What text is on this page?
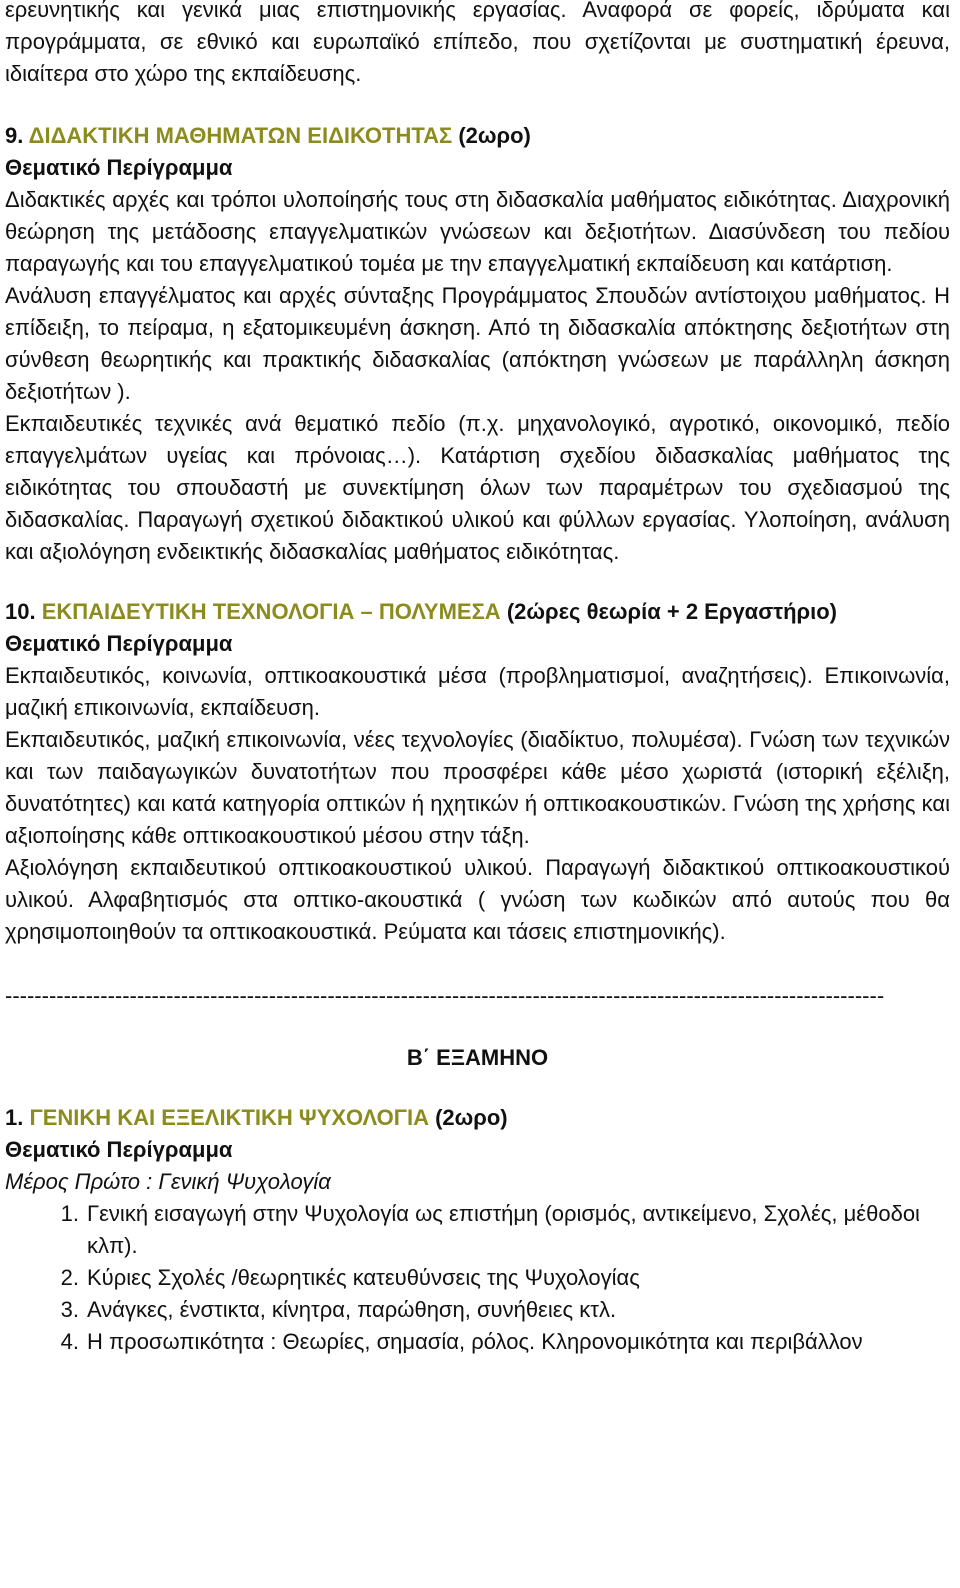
ερευνητικής και γενικά μιας επιστημονικής εργασίας. Αναφορά σε φορείς, ιδρύματα και προγράμματα, σε εθνικό και ευρωπαϊκό επίπεδο, που σχετίζονται με συστηματική έρευνα, ιδιαίτερα στο χώρο της εκπαίδευσης.

9. ΔΙΔΑΚΤΙΚΗ ΜΑΘΗΜΑΤΩΝ ΕΙΔΙΚΟΤΗΤΑΣ (2ωρο)

Θεματικό Περίγραμμα

Διδακτικές αρχές και τρόποι υλοποίησής τους στη διδασκαλία μαθήματος ειδικότητας. Διαχρονική θεώρηση της μετάδοσης επαγγελματικών γνώσεων και δεξιοτήτων. Διασύνδεση του πεδίου παραγωγής και του επαγγελματικού τομέα με την επαγγελματική εκπαίδευση και κατάρτιση.

Ανάλυση επαγγέλματος και αρχές σύνταξης Προγράμματος Σπουδών αντίστοιχου μαθήματος. Η επίδειξη, το πείραμα, η εξατομικευμένη άσκηση. Από τη διδασκαλία απόκτησης δεξιοτήτων στη σύνθεση θεωρητικής και πρακτικής διδασκαλίας (απόκτηση γνώσεων με παράλληλη άσκηση δεξιοτήτων ).

Εκπαιδευτικές τεχνικές ανά θεματικό πεδίο (π.χ. μηχανολογικό, αγροτικό, οικονομικό, πεδίο επαγγελμάτων υγείας και πρόνοιας…). Κατάρτιση σχεδίου διδασκαλίας μαθήματος της ειδικότητας του σπουδαστή με συνεκτίμηση όλων των παραμέτρων του σχεδιασμού της διδασκαλίας. Παραγωγή σχετικού διδακτικού υλικού και φύλλων εργασίας. Υλοποίηση, ανάλυση και αξιολόγηση ενδεικτικής διδασκαλίας μαθήματος ειδικότητας.

10. ΕΚΠΑΙΔΕΥΤΙΚΗ ΤΕΧΝΟΛΟΓΙΑ – ΠΟΛΥΜΕΣΑ (2ώρες θεωρία + 2 Εργαστήριο)

Θεματικό Περίγραμμα

Εκπαιδευτικός, κοινωνία, οπτικοακουστικά μέσα (προβληματισμοί, αναζητήσεις). Επικοινωνία, μαζική επικοινωνία, εκπαίδευση.

Εκπαιδευτικός, μαζική επικοινωνία, νέες τεχνολογίες (διαδίκτυο, πολυμέσα). Γνώση των τεχνικών και των παιδαγωγικών δυνατοτήτων που προσφέρει κάθε μέσο χωριστά (ιστορική εξέλιξη, δυνατότητες) και κατά κατηγορία οπτικών ή ηχητικών ή οπτικοακουστικών. Γνώση της χρήσης και αξιοποίησης κάθε οπτικοακουστικού μέσου στην τάξη.

Αξιολόγηση εκπαιδευτικού οπτικοακουστικού υλικού. Παραγωγή διδακτικού οπτικοακουστικού υλικού. Αλφαβητισμός στα οπτικο-ακουστικά ( γνώση των κωδικών από αυτούς που θα χρησιμοποιηθούν τα οπτικοακουστικά. Ρεύματα και τάσεις επιστημονικής).

------------------------------------------------------------------------------------------------------------------------

Β΄ ΕΞΑΜΗΝΟ

1. ΓΕΝΙΚΗ ΚΑΙ ΕΞΕΛΙΚΤΙΚΗ ΨΥΧΟΛΟΓΙΑ (2ωρο)

Θεματικό Περίγραμμα

Μέρος Πρώτο : Γενική Ψυχολογία

1. Γενική εισαγωγή στην Ψυχολογία ως επιστήμη (ορισμός, αντικείμενο, Σχολές, μέθοδοι κλπ).
2. Κύριες Σχολές /θεωρητικές κατευθύνσεις της Ψυχολογίας
3. Ανάγκες, ένστικτα, κίνητρα, παρώθηση, συνήθειες κτλ.
4. Η προσωπικότητα : Θεωρίες, σημασία, ρόλος. Κληρονομικότητα και περιβάλλον
